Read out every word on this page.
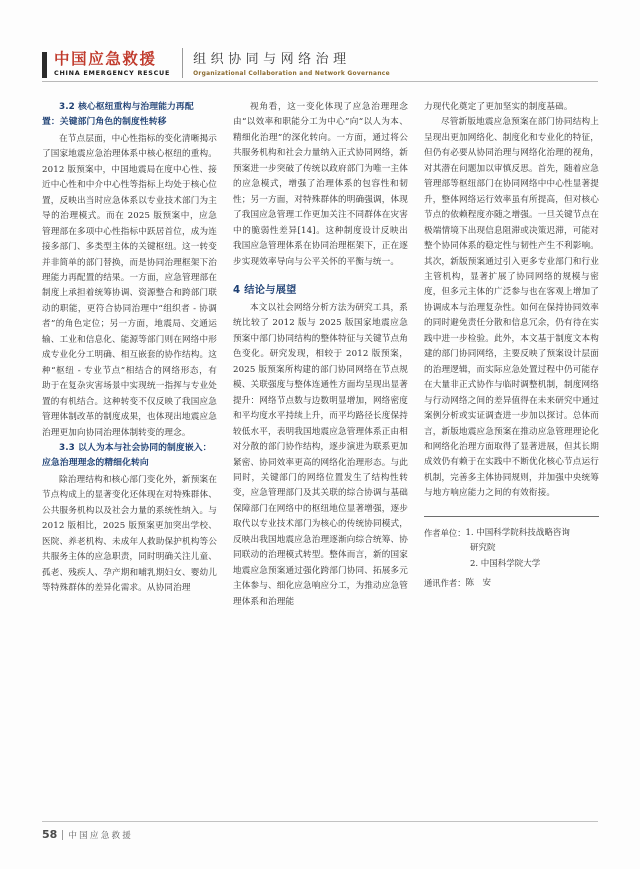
中国应急救援
CHINA EMERGENCY RESCUE
组织协同与网络治理
Organizational Collaboration and Network Governance
3.2 核心枢纽重构与治理能力再配
置：关键部门角色的制度性转移

在节点层面，中心性指标的变化清晰揭示了国家地震应急治理体系中核心枢纽的重构。2012 版预案中，中国地震局在度中心性、接近中心性和中介中心性等指标上均处于核心位置，反映出当时应急体系以专业技术部门为主导的治理模式。而在 2025 版预案中，应急管理部在多项中心性指标中跃居首位，成为连接多部门、多类型主体的关键枢纽。这一转变并非简单的部门替换，而是协同治理框架下治理能力再配置的结果。一方面，应急管理部在制度上承担着统筹协调、资源整合和跨部门联动的职能，更符合协同治理中“组织者 - 协调者”的角色定位；另一方面，地震局、交通运输、工业和信息化、能源等部门则在网络中形成专业化分工明确、相互嵌套的协作结构。这种“枢纽 - 专业节点”相结合的网络形态，有助于在复杂灾害场景中实现统一指挥与专业处置的有机结合。这种转变不仅反映了我国应急管理体制改革的制度成果，也体现出地震应急治理更加向协同治理体制转变的理念。

3.3 以人为本与社会协同的制度嵌入：
应急治理理念的精细化转向

除治理结构和核心部门变化外，新预案在节点构成上的显著变化还体现在对特殊群体、公共服务机构以及社会力量的系统性纳入。与 2012 版相比，2025 版预案更加突出学校、医院、养老机构、未成年人救助保护机构等公共服务主体的应急职责，同时明确关注儿童、孤老、残疾人、孕产期和哺乳期妇女、婴幼儿等特殊群体的差异化需求。从协同治理

视角看，这一变化体现了应急治理理念由“以效率和职能分工为中心”向“以人为本、精细化治理”的深化转向。一方面，通过将公共服务机构和社会力量纳入正式协同网络，新预案进一步突破了传统以政府部门为唯一主体的应急模式，增强了治理体系的包容性和韧性；另一方面，对特殊群体的明确强调，体现了我国应急管理工作更加关注不同群体在灾害中的脆弱性差异[14]。这种制度设计反映出我国应急管理体系在协同治理框架下，正在逐步实现效率导向与公平关怀的平衡与统一。

4 结论与展望

本文以社会网络分析方法为研究工具，系统比较了 2012 版与 2025 版国家地震应急预案中部门协同结构的整体特征与关键节点角色变化。研究发现，相较于 2012 版预案，2025 版预案所构建的部门协同网络在节点规模、关联强度与整体连通性方面均呈现出显著提升：网络节点数与边数明显增加，网络密度和平均度水平持续上升，而平均路径长度保持较低水平，表明我国地震应急管理体系正由相对分散的部门协作结构，逐步演进为联系更加紧密、协同效率更高的网络化治理形态。与此同时，关键部门的网络位置发生了结构性转变，应急管理部门及其关联的综合协调与基础保障部门在网络中的枢纽地位显著增强，逐步取代以专业技术部门为核心的传统协同模式，反映出我国地震应急治理逐渐向综合统筹、协同联动的治理模式转型。整体而言，新的国家地震应急预案通过强化跨部门协同、拓展多元主体参与、细化应急响应分工，为推动应急管理体系和治理能

力现代化奠定了更加坚实的制度基础。

尽管新版地震应急预案在部门协同结构上呈现出更加网络化、制度化和专业化的特征，但仍有必要从协同治理与网络化治理的视角，对其潜在问题加以审慎反思。首先，随着应急管理部等枢纽部门在协同网络中中心性显著提升，整体网络运行效率虽有所提高，但对核心节点的依赖程度亦随之增强。一旦关键节点在极端情境下出现信息阻滞或决策迟滞，可能对整个协同体系的稳定性与韧性产生不利影响。其次，新版预案通过引入更多专业部门和行业主管机构，显著扩展了协同网络的规模与密度，但多元主体的广泛参与也在客观上增加了协调成本与治理复杂性。如何在保持协同效率的同时避免责任分散和信息冗余，仍有待在实践中进一步检验。此外，本文基于制度文本构建的部门协同网络，主要反映了预案设计层面的治理逻辑，而实际应急处置过程中仍可能存在大量非正式协作与临时调整机制，制度网络与行动网络之间的差异值得在未来研究中通过案例分析或实证调查进一步加以探讨。总体而言，新版地震应急预案在推动应急管理理论化和网络化治理方面取得了显著进展，但其长期成效仍有赖于在实践中不断优化核心节点运行机制，完善多主体协同规则，并加强中央统筹与地方响应能力之间的有效衔接。

作者单位： 1. 中国科学院科技战略咨询
研究院
2. 中国科学院大学
通讯作者： 陈　安
58 中国应急救援
